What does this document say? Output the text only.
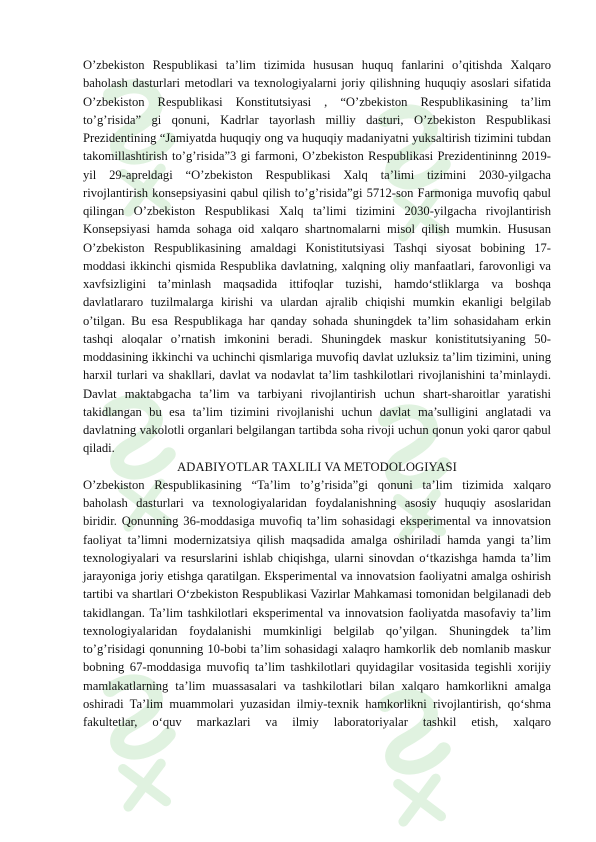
O’zbekiston Respublikasi ta’lim tizimida hususan huquq fanlarini o’qitishda Xalqaro baholash dasturlari metodlari va texnologiyalarni joriy qilishning huquqiy asoslari sifatida O’zbekiston Respublikasi Konstitutsiyasi , “O’zbekiston Respublikasining ta’lim to’g’risida” gi qonuni, Kadrlar tayorlash milliy dasturi, O’zbekiston Respublikasi Prezidentining “Jamiyatda huquqiy ong va huquqiy madaniyatni yuksaltirish tizimini tubdan takomillashtirish to’g’risida”3 gi farmoni, O’zbekiston Respublikasi Prezidentininng 2019-yil 29-apreldagi “O’zbekiston Respublikasi Xalq ta’limi tizimini 2030-yilgacha rivojlantirish konsepsiyasini qabul qilish to’g’risida”gi 5712-son Farmoniga muvofiq qabul qilingan O’zbekiston Respublikasi Xalq ta’limi tizimini 2030-yilgacha rivojlantirish Konsepsiyasi hamda sohaga oid xalqaro shartnomalarni misol qilish mumkin. Hususan O’zbekiston Respublikasining amaldagi Konistitutsiyasi Tashqi siyosat bobining 17-moddasi ikkinchi qismida Respublika davlatning, xalqning oliy manfaatlari, farovonligi va xavfsizligini ta’minlash maqsadida ittifoqlar tuzishi, hamdo‘stliklarga va boshqa davlatlararo tuzilmalarga kirishi va ulardan ajralib chiqishi mumkin ekanligi belgilab o’tilgan. Bu esa Respublikaga har qanday sohada shuningdek ta’lim sohasidaham erkin tashqi aloqalar o’rnatish imkonini beradi. Shuningdek maskur konistitutsiyaning 50- moddasining ikkinchi va uchinchi qismlariga muvofiq davlat uzluksiz ta’lim tizimini, uning harxil turlari va shakllari, davlat va nodavlat ta’lim tashkilotlari rivojlanishini ta’minlaydi. Davlat maktabgacha ta’lim va tarbiyani rivojlantirish uchun shart-sharoitlar yaratishi takidlangan bu esa ta’lim tizimini rivojlanishi uchun davlat ma’sulligini anglatadi va davlatning vakolotli organlari belgilangan tartibda soha rivoji uchun qonun yoki qaror qabul qiladi.

ADABIYOTLAR TAXLILI VA METODOLOGIYASI

O’zbekiston Respublikasining “Ta’lim to’g’risida”gi qonuni ta’lim tizimida xalqaro baholash dasturlari va texnologiyalaridan foydalanishning asosiy huquqiy asoslaridan biridir. Qonunning 36-moddasiga muvofiq ta’lim sohasidagi eksperimental va innovatsion faoliyat ta’limni modernizatsiya qilish maqsadida amalga oshiriladi hamda yangi ta’lim texnologiyalari va resurslarini ishlab chiqishga, ularni sinovdan o‘tkazishga hamda ta’lim jarayoniga joriy etishga qaratilgan. Eksperimental va innovatsion faoliyatni amalga oshirish tartibi va shartlari O‘zbekiston Respublikasi Vazirlar Mahkamasi tomonidan belgilanadi deb takidlangan. Ta’lim tashkilotlari eksperimental va innovatsion faoliyatda masofaviy ta’lim texnologiyalaridan foydalanishi mumkinligi belgilab qo’yilgan. Shuningdek ta’lim to’g’risidagi qonunning 10-bobi ta’lim sohasidagi xalaqro hamkorlik deb nomlanib maskur bobning 67-moddasiga muvofiq ta’lim tashkilotlari quyidagilar vositasida tegishli xorijiy mamlakatlarning ta’lim muassasalari va tashkilotlari bilan xalqaro hamkorlikni amalga oshiradi Ta’lim muammolari yuzasidan ilmiy-texnik hamkorlikni rivojlantirish, qo‘shma fakultetlar, o‘quv markazlari va ilmiy laboratoriyalar tashkil etish, xalqaro
